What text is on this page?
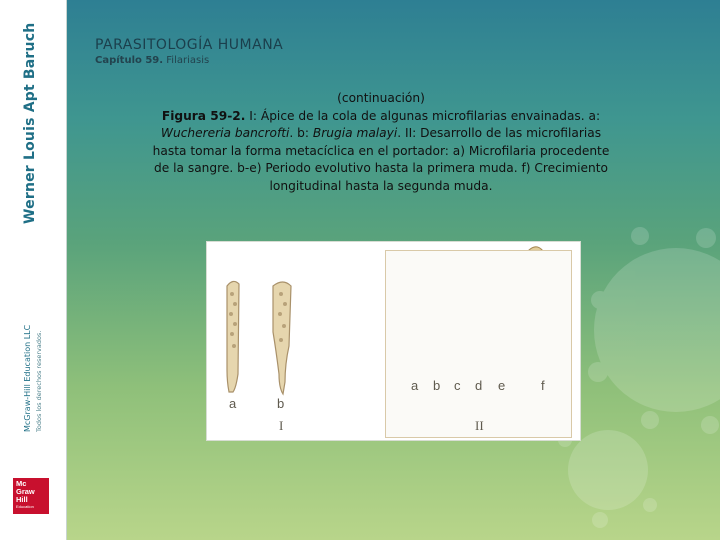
Werner Louis Apt Baruch
McGraw-Hill Education LLC Todos los derechos reservados.
Mc
Graw
Hill
Education
PARASITOLOGÍA HUMANA
Capítulo 59. Filariasis
(continuación)
Figura 59-2. I: Ápice de la cola de algunas microfilarias envainadas. a: Wuchereria bancrofti. b: Brugia malayi. II: Desarrollo de las microfilarias hasta tomar la forma metacíclica en el portador: a) Microfilaria procedente de la sangre. b-e) Periodo evolutivo hasta la primera muda. f) Crecimiento longitudinal hasta la segunda muda.
a	b
I
a b c d e	f
II
